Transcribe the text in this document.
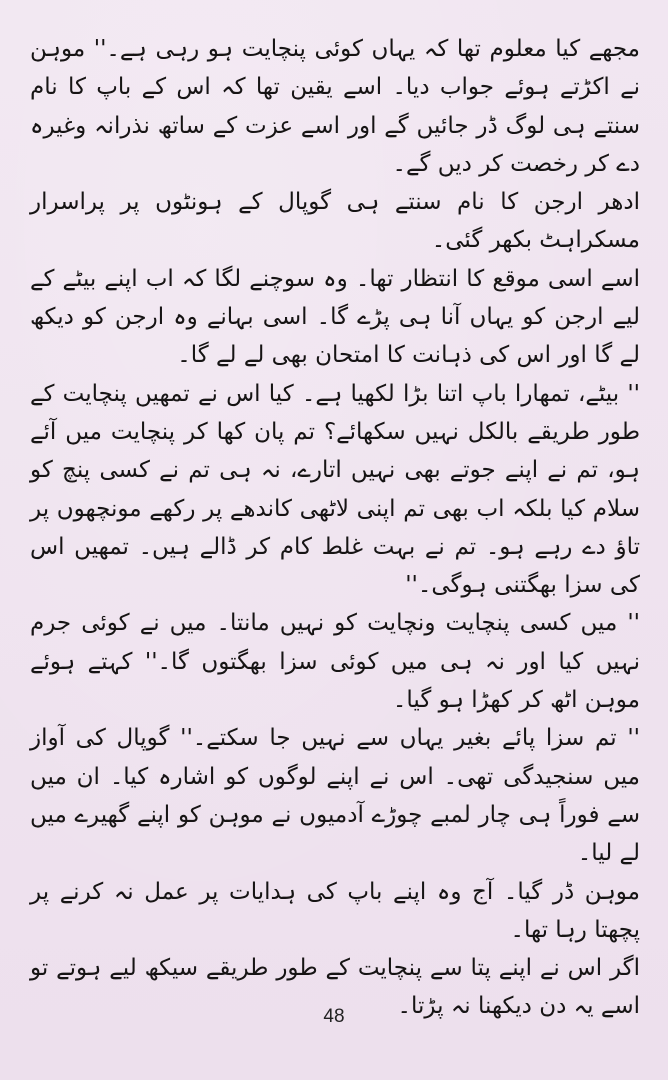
مجھے کیا معلوم تھا کہ یہاں کوئی پنچایت ہو رہی ہے۔'' موہن نے اکڑتے ہوئے جواب دیا۔ اسے یقین تھا کہ اس کے باپ کا نام سنتے ہی لوگ ڈر جائیں گے اور اسے عزت کے ساتھ نذرانہ وغیرہ دے کر رخصت کر دیں گے۔

ادھر ارجن کا نام سنتے ہی گوپال کے ہونٹوں پر پراسرار مسکراہٹ بکھر گئی۔

اسے اسی موقع کا انتظار تھا۔ وہ سوچنے لگا کہ اب اپنے بیٹے کے لیے ارجن کو یہاں آنا ہی پڑے گا۔ اسی بہانے وہ ارجن کو دیکھ لے گا اور اس کی ذہانت کا امتحان بھی لے لے گا۔

'' بیٹے، تمھارا باپ اتنا بڑا لکھیا ہے۔ کیا اس نے تمھیں پنچایت کے طور طریقے بالکل نہیں سکھائے؟ تم پان کھا کر پنچایت میں آئے ہو، تم نے اپنے جوتے بھی نہیں اتارے، نہ ہی تم نے کسی پنچ کو سلام کیا بلکہ اب بھی تم اپنی لاٹھی کاندھے پر رکھے مونچھوں پر تاؤ دے رہے ہو۔ تم نے بہت غلط کام کر ڈالے ہیں۔ تمھیں اس کی سزا بھگتنی ہوگی۔''

'' میں کسی پنچایت ونچایت کو نہیں مانتا۔ میں نے کوئی جرم نہیں کیا اور نہ ہی میں کوئی سزا بھگتوں گا۔'' کہتے ہوئے موہن اٹھ کر کھڑا ہو گیا۔

'' تم سزا پائے بغیر یہاں سے نہیں جا سکتے۔'' گوپال کی آواز میں سنجیدگی تھی۔ اس نے اپنے لوگوں کو اشارہ کیا۔ ان میں سے فوراً ہی چار لمبے چوڑے آدمیوں نے موہن کو اپنے گھیرے میں لے لیا۔

موہن ڈر گیا۔ آج وہ اپنے باپ کی ہدایات پر عمل نہ کرنے پر پچھتا رہا تھا۔

اگر اس نے اپنے پتا سے پنچایت کے طور طریقے سیکھ لیے ہوتے تو اسے یہ دن دیکھنا نہ پڑتا۔

48
